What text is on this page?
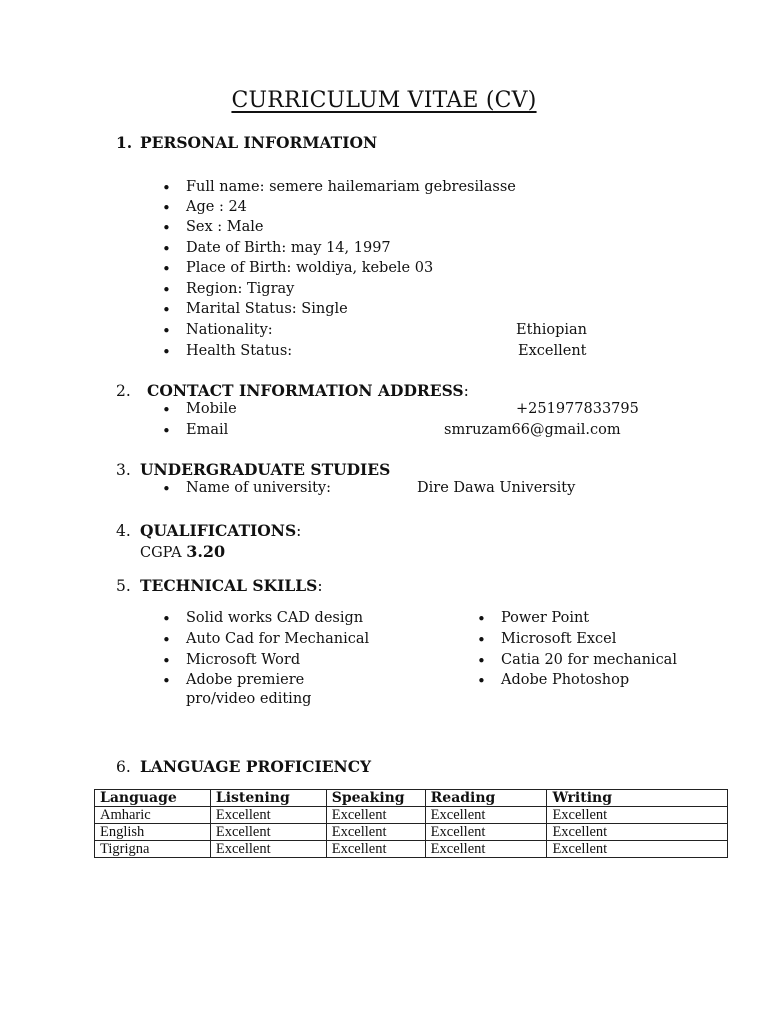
CURRICULUM VITAE (CV)
1. PERSONAL INFORMATION
• Full name: semere hailemariam gebresilasse
• Age : 24
• Sex : Male
• Date of Birth: may 14, 1997
• Place of Birth: woldiya, kebele 03
• Region: Tigray
• Marital Status: Single
• Nationality:	Ethiopian
• Health Status:	Excellent
2.	CONTACT INFORMATION ADDRESS :
• Mobile	+251977833795
• Email	smruzam66@gmail.com
3. UNDERGRADUATE STUDIES
• Name of university:	Dire Dawa University
4. QUALIFICATIONS :
CGPA 3.20
5. TECHNICAL SKILLS :
• Solid works CAD design
• Auto Cad for Mechanical
• Microsoft Word
• Adobe premiere
pro/video editing
• Power Point
• Microsoft Excel
• Catia 20 for mechanical
• Adobe Photoshop
6. LANGUAGE PROFICIENCY
Language	Listening	Speaking	Reading	Writing
Amharic	Excellent	Excellent	Excellent	Excellent
English	Excellent	Excellent	Excellent	Excellent
Tigrigna	Excellent	Excellent	Excellent	Excellent
